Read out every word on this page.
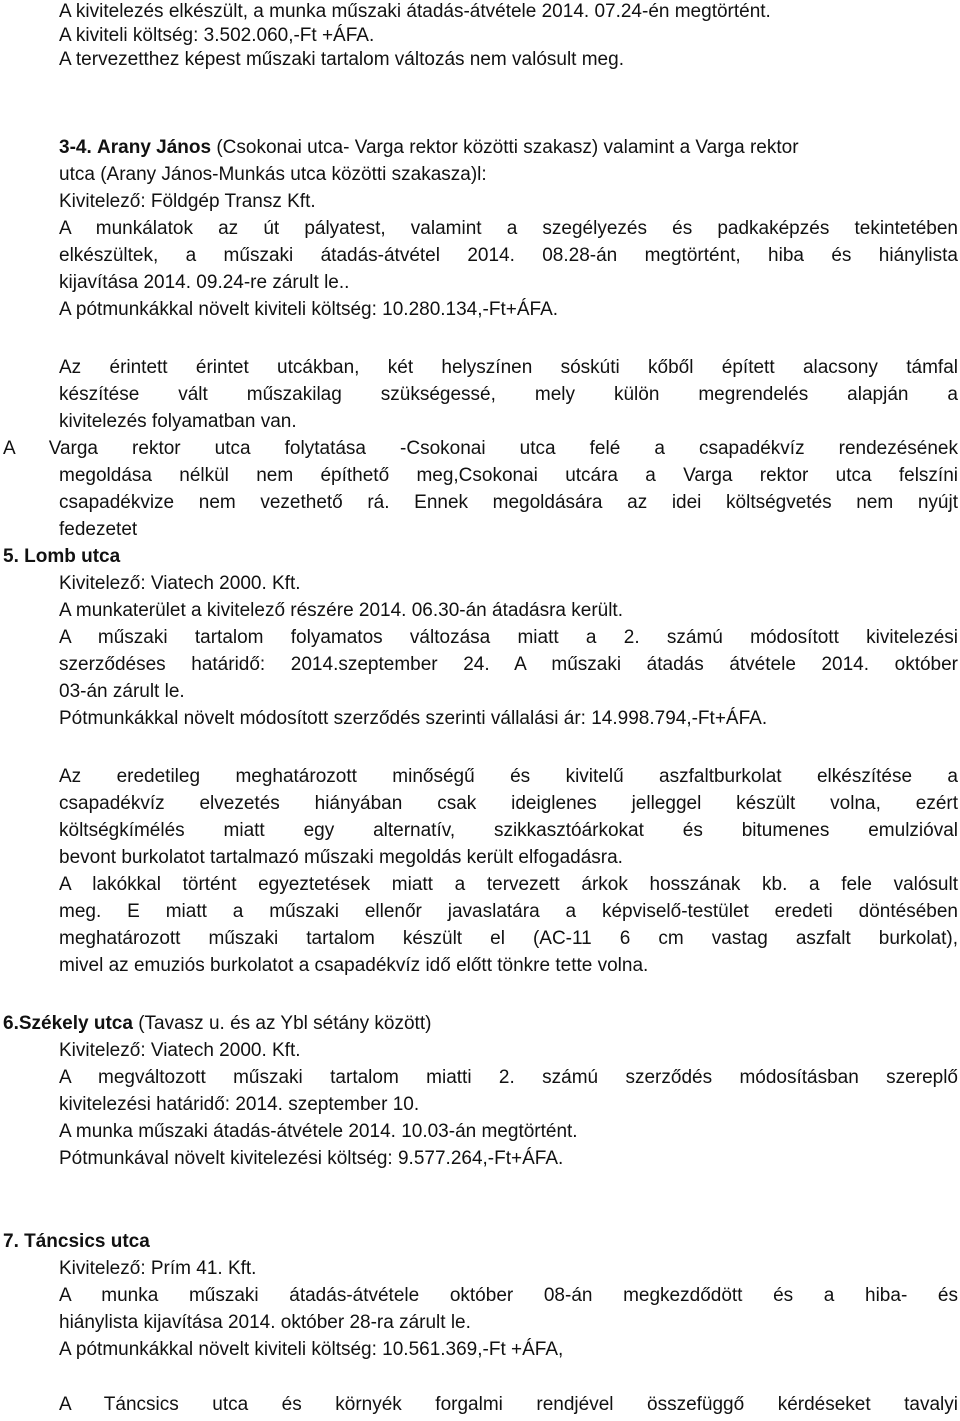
A kivitelezés elkészült, a munka műszaki átadás-átvétele 2014. 07.24-én megtörtént.
A kiviteli költség: 3.502.060,-Ft +ÁFA.
A tervezetthez képest műszaki tartalom változás nem valósult meg.
3-4. Arany János (Csokonai utca- Varga rektor közötti szakasz) valamint a Varga rektor
utca (Arany János-Munkás utca közötti szakasza)l:
Kivitelező: Földgép Transz Kft.
A munkálatok az út pályatest, valamint a szegélyezés és padkaképzés tekintetében
elkészültek, a műszaki átadás-átvétel 2014. 08.28-án megtörtént, hiba és hiánylista
kijavítása 2014. 09.24-re zárult le..
A pótmunkákkal növelt kiviteli költség: 10.280.134,-Ft+ÁFA.
Az érintett érintet utcákban, két helyszínen sóskúti kőből épített alacsony támfal
készítése vált műszakilag szükségessé, mely külön megrendelés alapján a
kivitelezés folyamatban van.
A Varga rektor utca folytatása -Csokonai utca felé a csapadékvíz rendezésének
megoldása nélkül nem építhető meg,Csokonai utcára a Varga rektor utca felszíni
csapadékvize nem vezethető rá. Ennek megoldására az idei költségvetés nem nyújt
fedezetet
5. Lomb utca
Kivitelező: Viatech 2000. Kft.
A munkaterület a kivitelező részére 2014. 06.30-án átadásra került.
A műszaki tartalom folyamatos változása miatt a 2. számú módosított kivitelezési
szerződéses határidő: 2014.szeptember 24. A műszaki átadás átvétele 2014. október
03-án zárult le.
Pótmunkákkal növelt módosított szerződés szerinti vállalási ár: 14.998.794,-Ft+ÁFA.
Az eredetileg meghatározott minőségű és kivitelű aszfaltburkolat elkészítése a
csapadékvíz elvezetés hiányában csak ideiglenes jelleggel készült volna, ezért
költségkímélés miatt egy alternatív, szikkasztóárkokat és bitumenes emulzióval
bevont burkolatot tartalmazó műszaki megoldás került elfogadásra.
A lakókkal történt egyeztetések miatt a tervezett árkok hosszának kb. a fele valósult
meg. E miatt a műszaki ellenőr javaslatára a képviselő-testület eredeti döntésében
meghatározott műszaki tartalom készült el (AC-11 6 cm vastag aszfalt burkolat),
mivel az emuziós burkolatot a csapadékvíz idő előtt tönkre tette volna.
6.Székely utca (Tavasz u. és az Ybl sétány között)
Kivitelező: Viatech 2000. Kft.
A megváltozott műszaki tartalom miatti 2. számú szerződés módosításban szereplő
kivitelezési határidő: 2014. szeptember 10.
A munka műszaki átadás-átvétele 2014. 10.03-án megtörtént.
Pótmunkával növelt kivitelezési költség: 9.577.264,-Ft+ÁFA.
7. Táncsics utca
Kivitelező: Prím 41. Kft.
A munka műszaki átadás-átvétele október 08-án megkezdődött és a hiba- és
hiánylista kijavítása 2014. október 28-ra zárult le.
A pótmunkákkal növelt kiviteli költség: 10.561.369,-Ft +ÁFA,
A Táncsics utca és környék forgalmi rendjével összefüggő kérdéseket tavalyi
